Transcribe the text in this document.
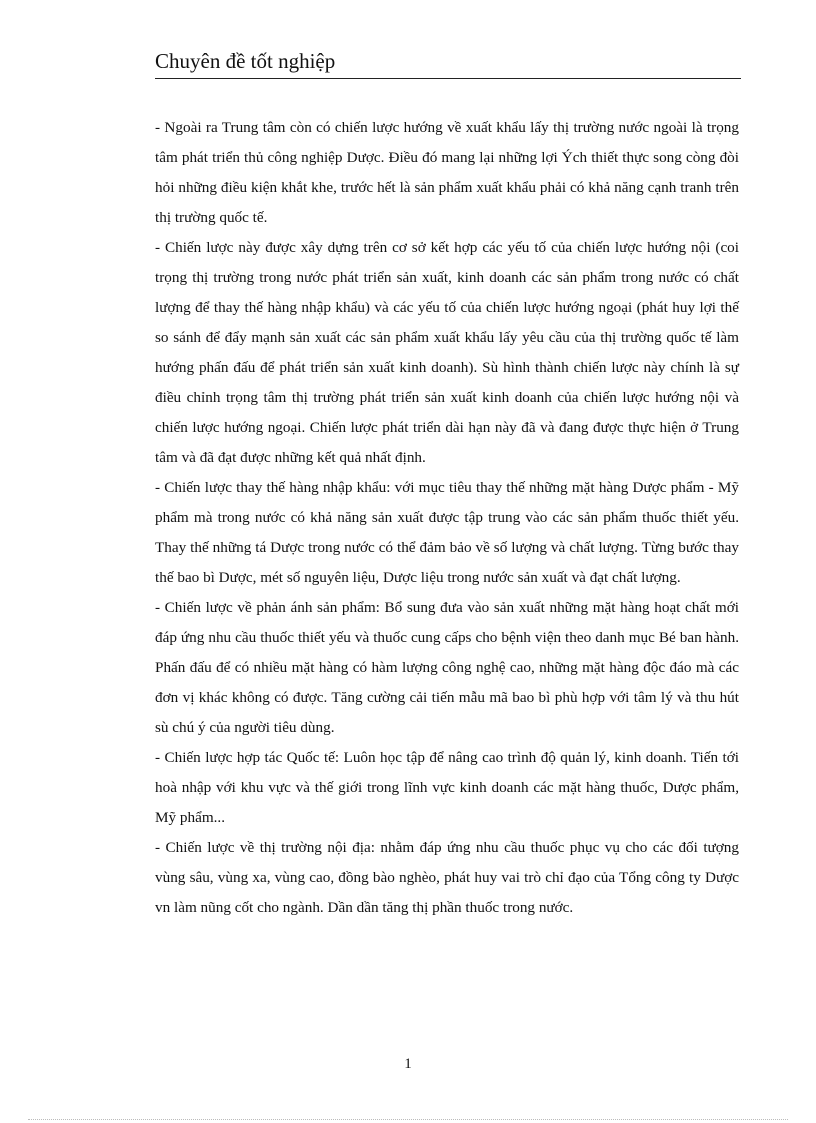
Chuyên đề tốt nghiệp

- Ngoài ra Trung tâm còn có chiến lược hướng về xuất khẩu lấy thị trường nước ngoài là trọng tâm phát triển thủ công nghiệp Dược. Điều đó mang lại những lợi Ých thiết thực song còng đòi hỏi những điều kiện khắt khe, trước hết là sản phẩm xuất khẩu phải có khả năng cạnh tranh trên thị trường quốc tế.

- Chiến lược này được xây dựng trên cơ sở kết hợp các yếu tố của chiến lược hướng nội (coi trọng thị trường trong nước phát triển sản xuất, kinh doanh các sản phẩm trong nước có chất lượng để thay thế hàng nhập khẩu) và các yếu tố của chiến lược hướng ngoại (phát huy lợi thế so sánh để đẩy mạnh sản xuất các sản phẩm xuất khẩu lấy yêu cầu của thị trường quốc tế làm hướng phấn đấu để phát triển sản xuất kinh doanh). Sù hình thành chiến lược này chính là sự điều chỉnh trọng tâm thị trường phát triển sản xuất kinh doanh của chiến lược hướng nội và chiến lược hướng ngoại. Chiến lược phát triển dài hạn này đã và đang được thực hiện ở Trung tâm và đã đạt được những kết quả nhất định.

- Chiến lược thay thế hàng nhập khẩu: với mục tiêu thay thế những mặt hàng Dược phẩm - Mỹ phẩm mà trong nước có khả năng sản xuất được tập trung vào các sản phẩm thuốc thiết yếu. Thay thế những tá Dược trong nước có thể đảm bảo về số lượng và chất lượng. Từng bước thay thế bao bì Dược, mét số nguyên liệu, Dược liệu trong nước sản xuất và đạt chất lượng.

- Chiến lược về phản ánh sản phẩm: Bổ sung đưa vào sản xuất những mặt hàng hoạt chất mới đáp ứng nhu cầu thuốc thiết yếu và thuốc cung cấps cho bệnh viện theo danh mục Bé ban hành. Phấn đấu để có nhiều mặt hàng có hàm lượng công nghệ cao, những mặt hàng độc đáo mà các đơn vị khác không có được. Tăng cường cải tiến mẫu mã bao bì phù hợp với tâm lý và thu hút sù chú ý của người tiêu dùng.

- Chiến lược hợp tác Quốc tế: Luôn học tập để nâng cao trình độ quản lý, kinh doanh. Tiến tới hoà nhập với khu vực và thế giới trong lĩnh vực kinh doanh các mặt hàng thuốc, Dược phẩm, Mỹ phẩm...

- Chiến lược về thị trường nội địa: nhằm đáp ứng nhu cầu thuốc phục vụ cho các đối tượng vùng sâu, vùng xa, vùng cao, đồng bào nghèo, phát huy vai trò chỉ đạo của Tổng công ty Dược vn làm nũng cốt cho ngành. Dần dần tăng thị phần thuốc trong nước.

1
